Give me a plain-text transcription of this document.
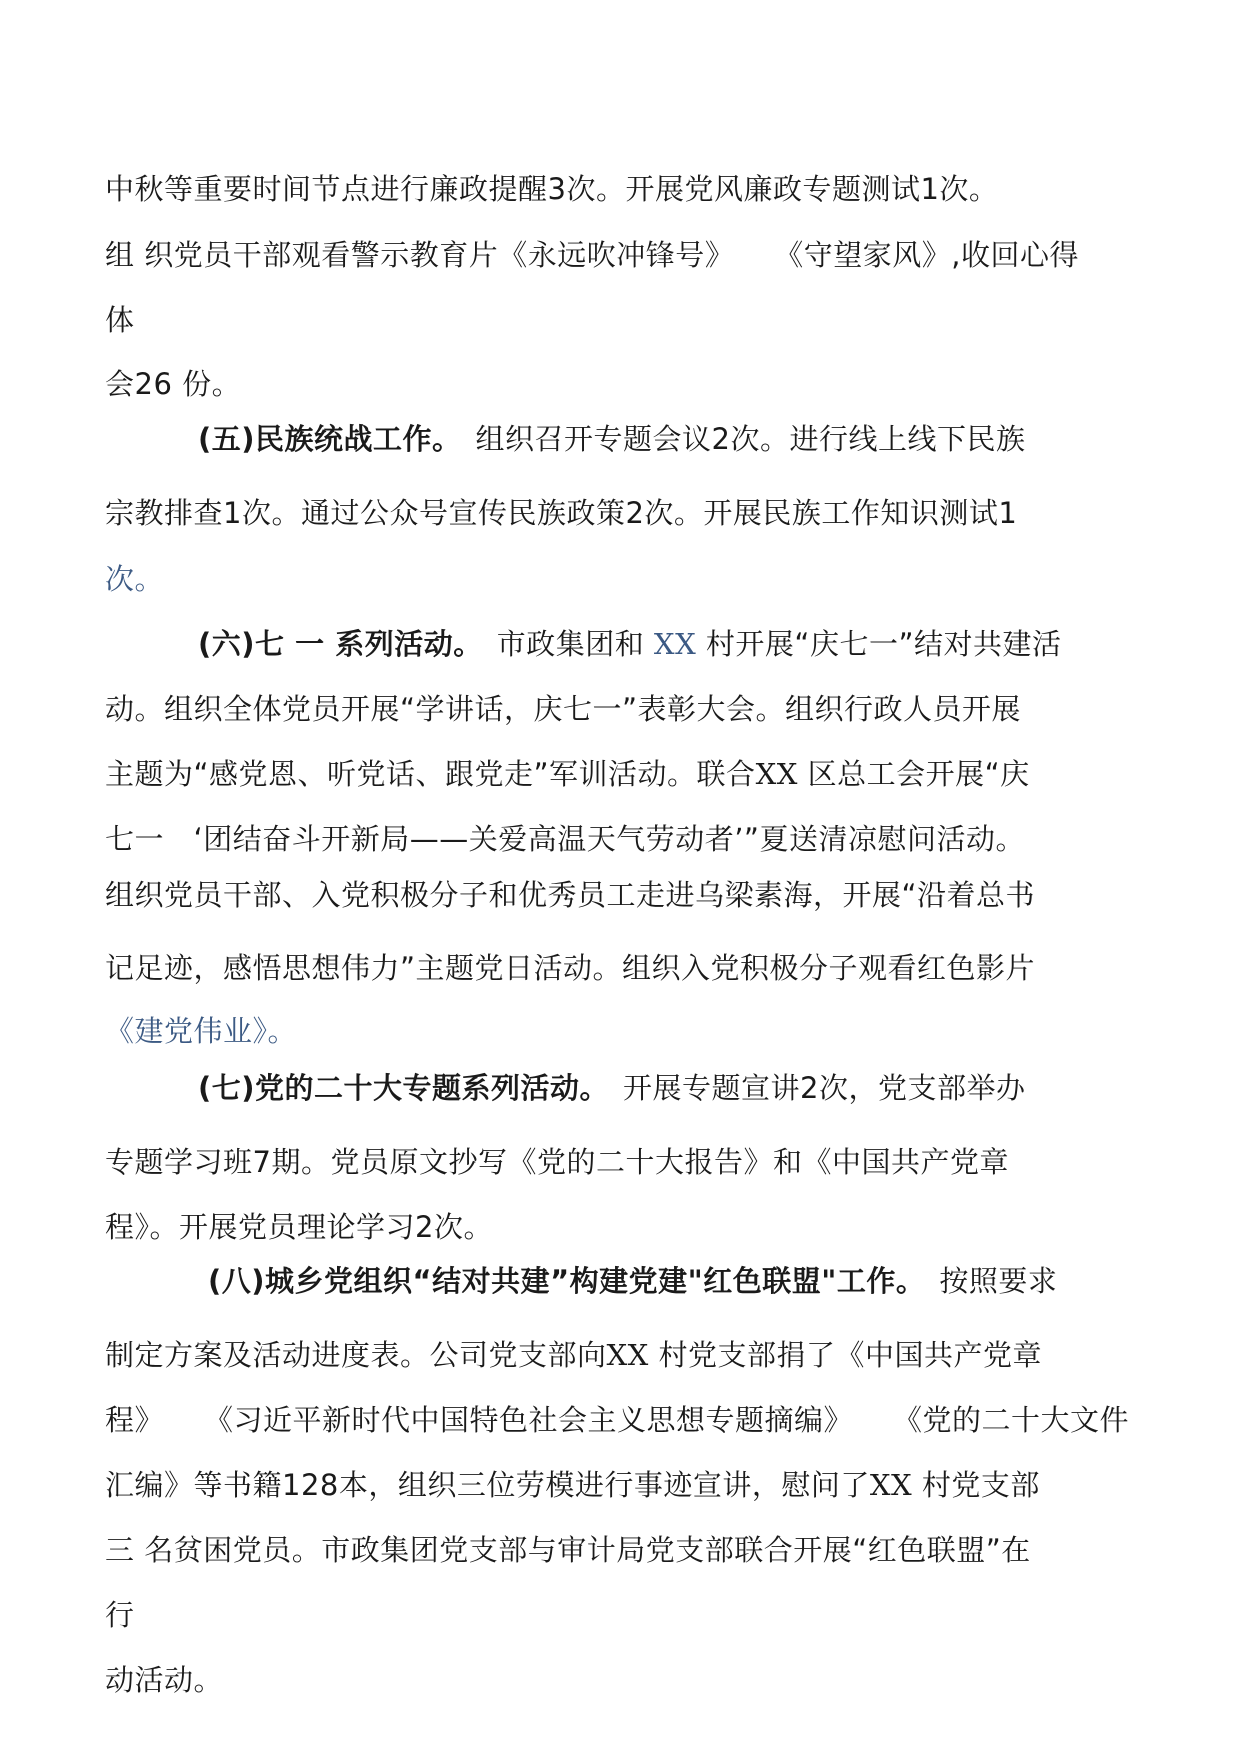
中秋等重要时间节点进行廉政提醒3次。开展党风廉政专题测试1次。
组 织党员干部观看警示教育片《永远吹冲锋号》 《守望家风》,收回心得
体
会26 份。
(五)民族统战工作。 组织召开专题会议2次。进行线上线下民族
宗教排查1次。通过公众号宣传民族政策2次。开展民族工作知识测试1
次。
(六)七 一 系列活动。 市政集团和 XX 村开展“庆七一”结对共建活
动。组织全体党员开展“学讲话，庆七一”表彰大会。组织行政人员开展
主题为“感党恩、听党话、跟党走”军训活动。联合XX 区总工会开展“庆
七一　‘团结奋斗开新局——关爱高温天气劳动者’”夏送清凉慰问活动。
组织党员干部、入党积极分子和优秀员工走进乌梁素海，开展“沿着总书
记足迹，感悟思想伟力”主题党日活动。组织入党积极分子观看红色影片
《建党伟业》。
(七)党的二十大专题系列活动。 开展专题宣讲2次，党支部举办
专题学习班7期。党员原文抄写《党的二十大报告》和《中国共产党章
程》。开展党员理论学习2次。
(八)城乡党组织“结对共建”构建党建"红色联盟"工作。 按照要求
制定方案及活动进度表。公司党支部向XX 村党支部捐了《中国共产党章
程》 《习近平新时代中国特色社会主义思想专题摘编》 《党的二十大文件
汇编》等书籍128本，组织三位劳模进行事迹宣讲，慰问了XX 村党支部
三 名贫困党员。市政集团党支部与审计局党支部联合开展“红色联盟”在
行
动活动。
